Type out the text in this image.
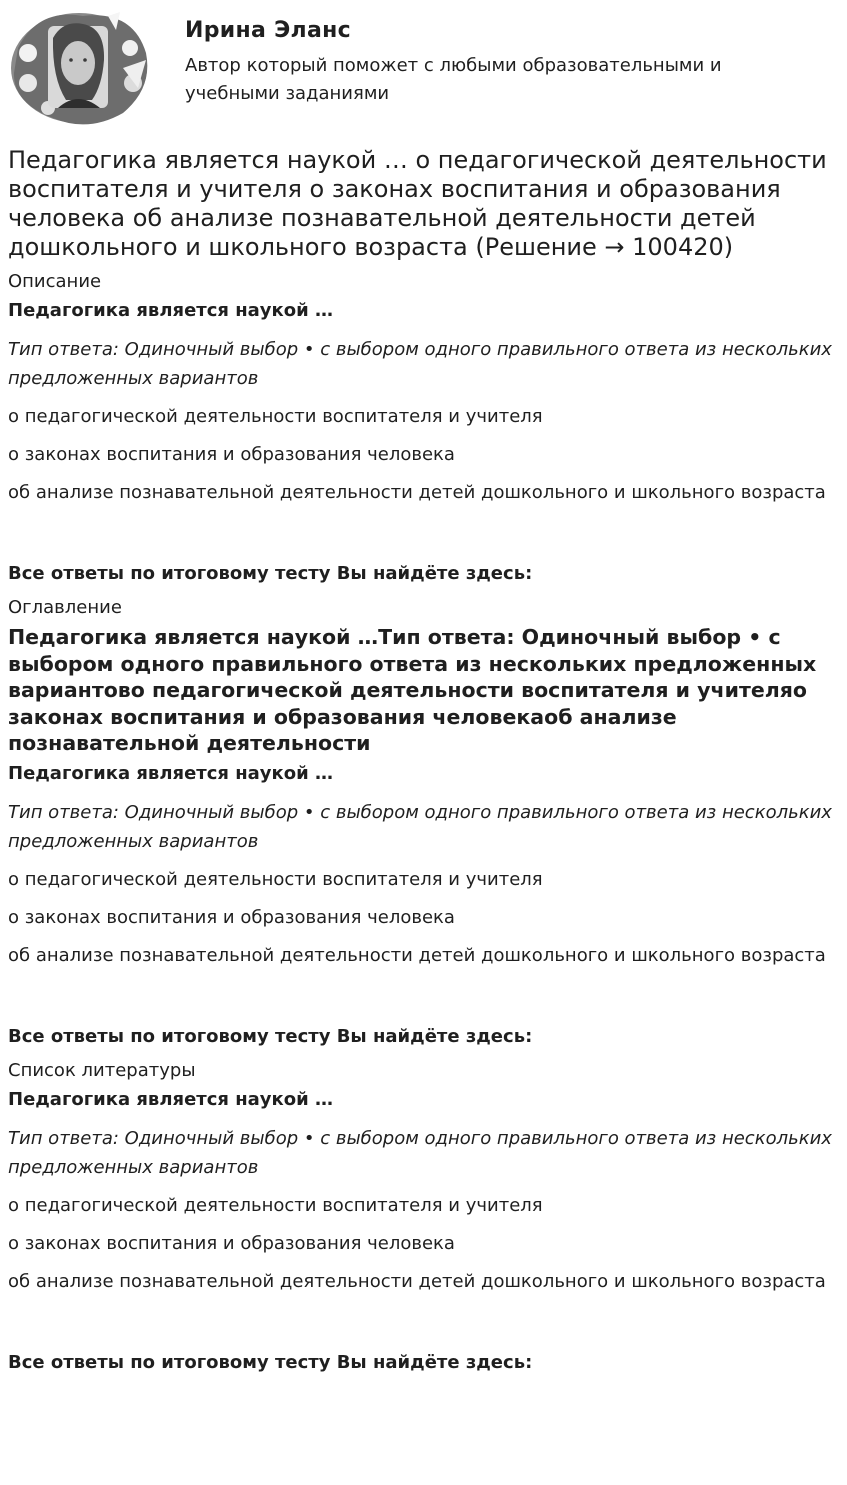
Ирина Эланс
Автор который поможет с любыми образовательными и учебными заданиями
Педагогика является наукой … о педагогической деятельности воспитателя и учителя о законах воспитания и образования человека об анализе познавательной деятельности детей дошкольного и школьного возраста (Решение → 100420)
Описание

Педагогика является наукой …

Тип ответа: Одиночный выбор • с выбором одного правильного ответа из нескольких предложенных вариантов

о педагогической деятельности воспитателя и учителя

о законах воспитания и образования человека

об анализе познавательной деятельности детей дошкольного и школьного возраста

Все ответы по итоговому тесту Вы найдёте здесь:

Оглавление

Педагогика является наукой …Тип ответа: Одиночный выбор • с выбором одного правильного ответа из нескольких предложенных вариантово педагогической деятельности воспитателя и учителяо законах воспитания и образования человекаоб анализе познавательной деятельности

Педагогика является наукой …

Тип ответа: Одиночный выбор • с выбором одного правильного ответа из нескольких предложенных вариантов

о педагогической деятельности воспитателя и учителя

о законах воспитания и образования человека

об анализе познавательной деятельности детей дошкольного и школьного возраста

Все ответы по итоговому тесту Вы найдёте здесь:

Список литературы

Педагогика является наукой …

Тип ответа: Одиночный выбор • с выбором одного правильного ответа из нескольких предложенных вариантов

о педагогической деятельности воспитателя и учителя

о законах воспитания и образования человека

об анализе познавательной деятельности детей дошкольного и школьного возраста

Все ответы по итоговому тесту Вы найдёте здесь:
